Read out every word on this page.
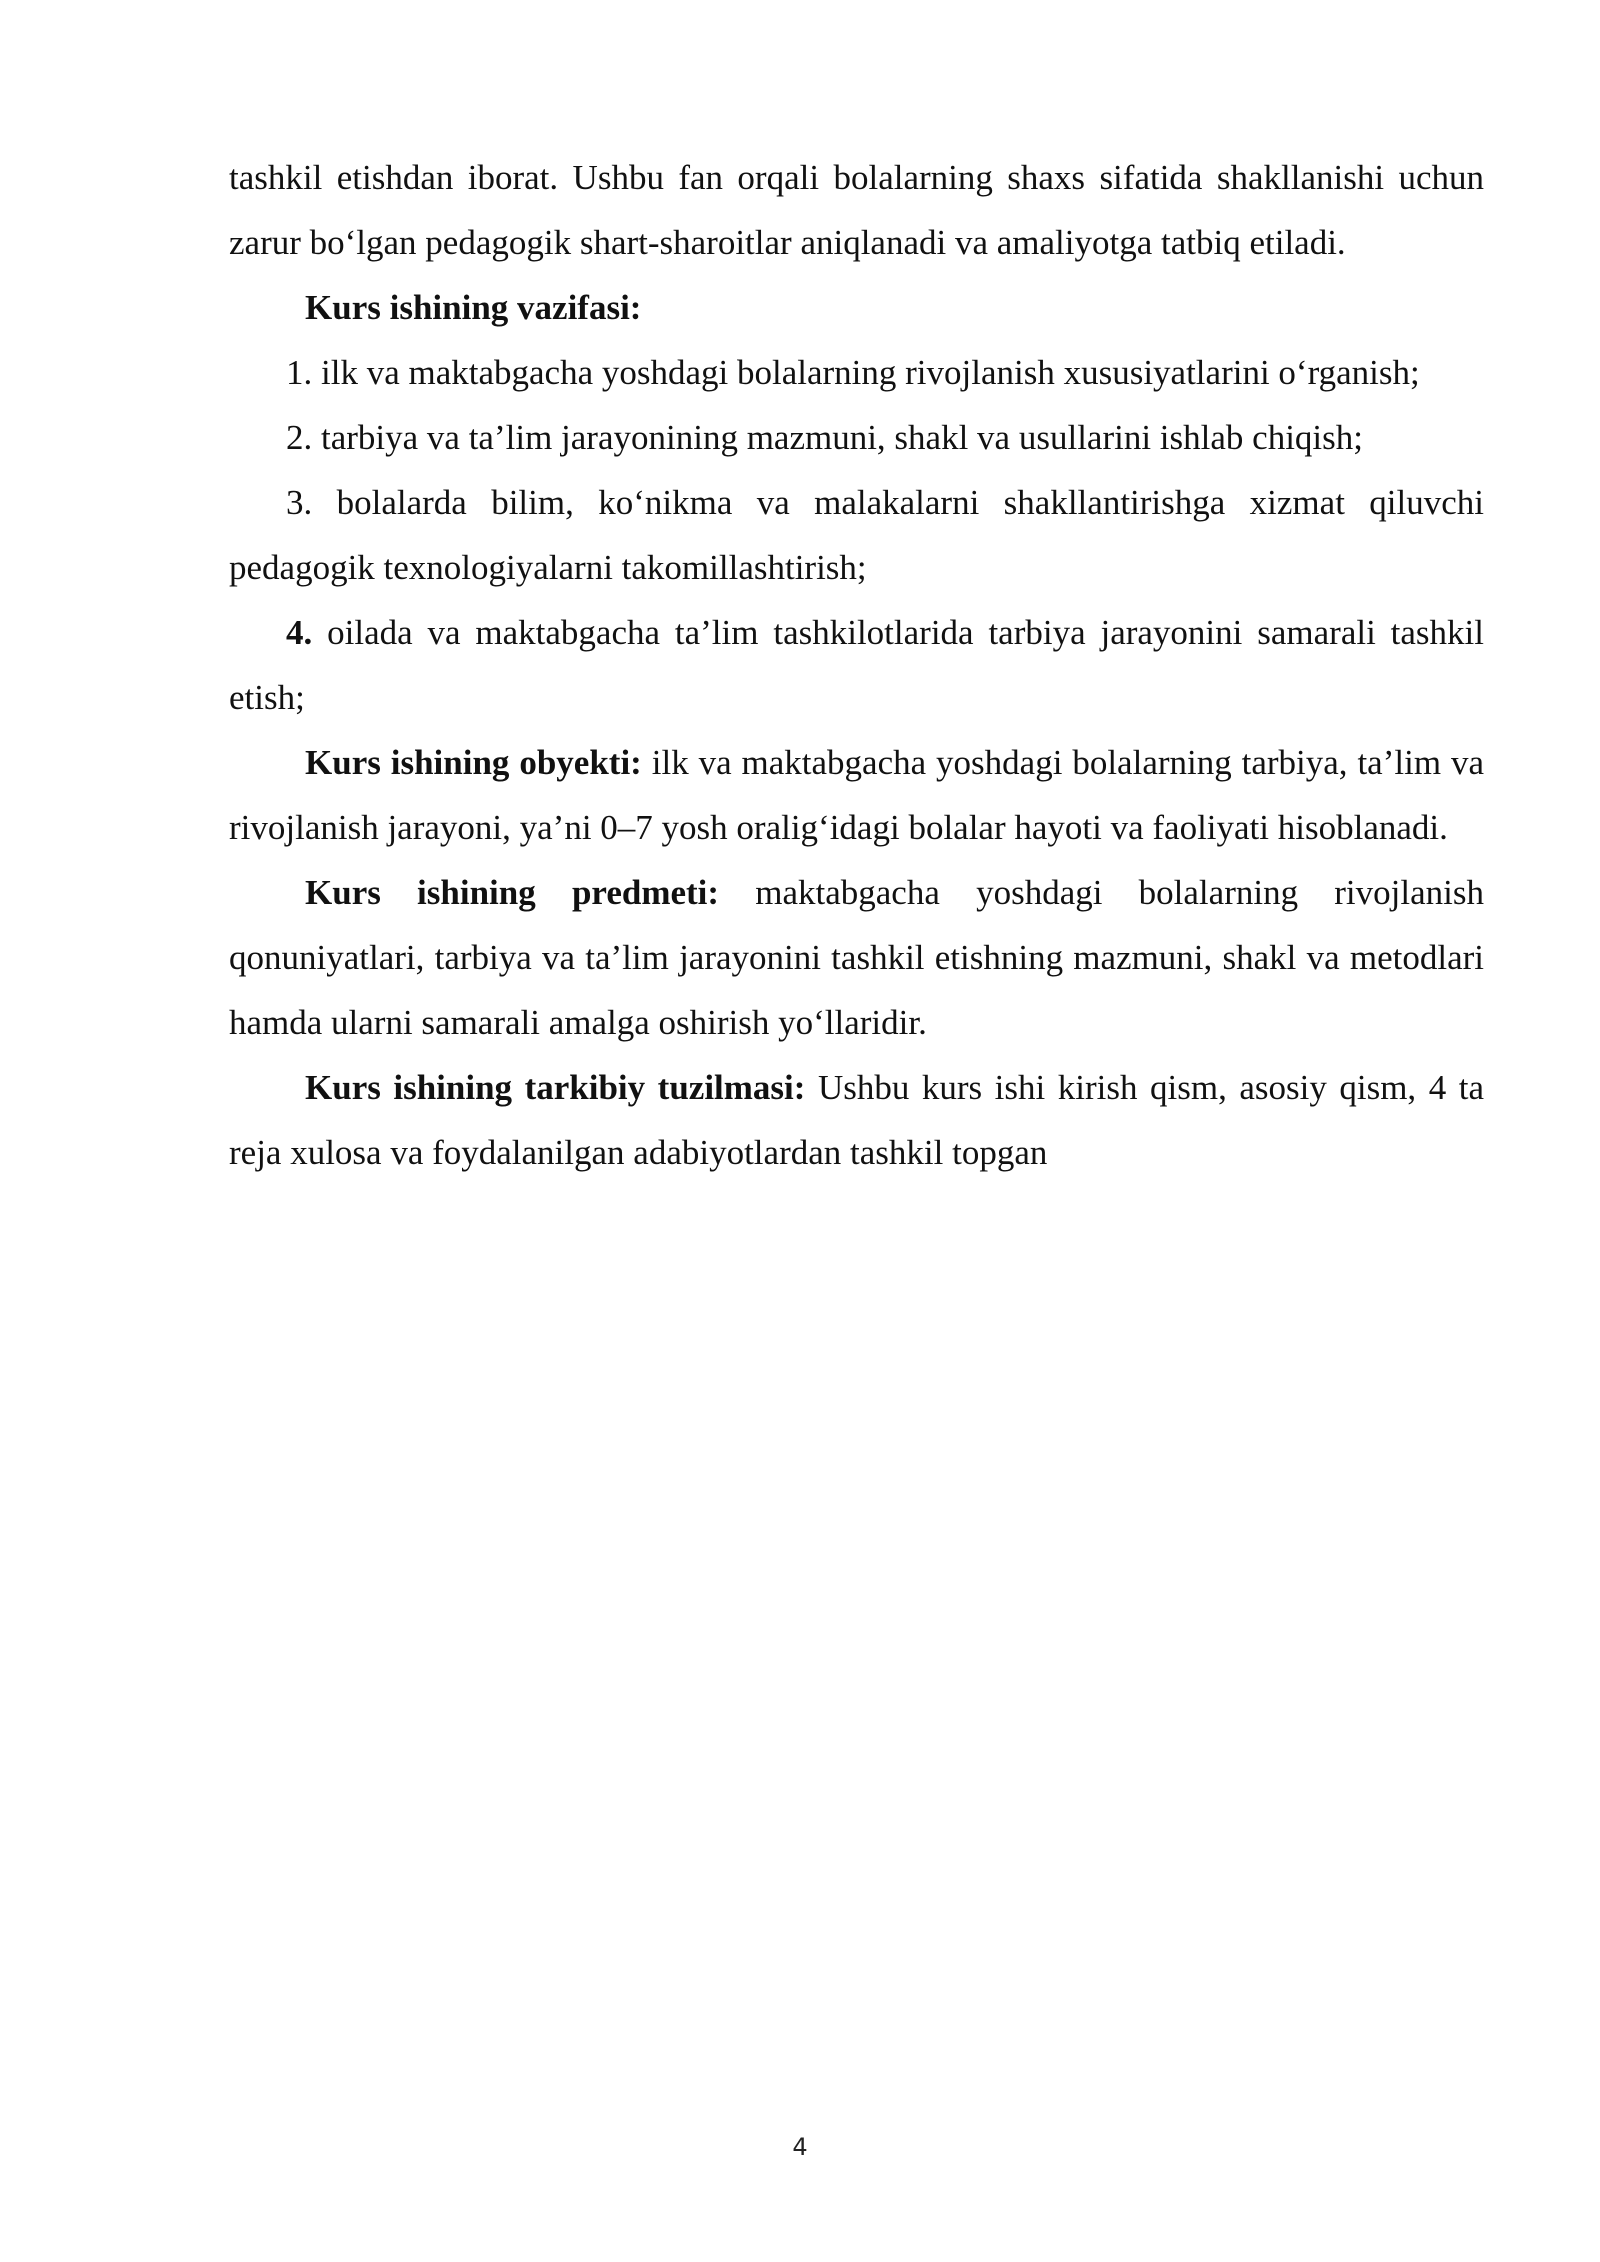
tashkil etishdan iborat. Ushbu fan orqali bolalarning shaxs sifatida shakllanishi uchun zarur bo‘lgan pedagogik shart-sharoitlar aniqlanadi va amaliyotga tatbiq etiladi.

Kurs ishining vazifasi:

1. ilk va maktabgacha yoshdagi bolalarning rivojlanish xususiyatlarini o‘rganish;

2. tarbiya va ta’lim jarayonining mazmuni, shakl va usullarini ishlab chiqish;

3. bolalarda bilim, ko‘nikma va malakalarni shakllantirishga xizmat qiluvchi pedagogik texnologiyalarni takomillashtirish;

4. oilada va maktabgacha ta’lim tashkilotlarida tarbiya jarayonini samarali tashkil etish;

Kurs ishining obyekti: ilk va maktabgacha yoshdagi bolalarning tarbiya, ta’lim va rivojlanish jarayoni, ya’ni 0–7 yosh oralig‘idagi bolalar hayoti va faoliyati hisoblanadi.

Kurs ishining predmeti: maktabgacha yoshdagi bolalarning rivojlanish qonuniyatlari, tarbiya va ta’lim jarayonini tashkil etishning mazmuni, shakl va metodlari hamda ularni samarali amalga oshirish yo‘llaridir.

Kurs ishining tarkibiy tuzilmasi: Ushbu kurs ishi kirish qism, asosiy qism, 4 ta reja xulosa va foydalanilgan adabiyotlardan tashkil topgan

4
